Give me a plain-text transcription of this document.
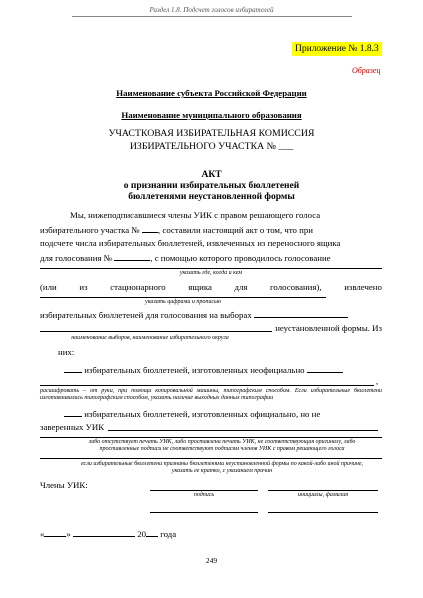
Раздел 1.8. Подсчет голосов избирателей
Приложение № 1.8.3
Образец
Наименование субъекта Российской Федерации
Наименование муниципального образования
УЧАСТКОВАЯ ИЗБИРАТЕЛЬНАЯ КОМИССИЯ
ИЗБИРАТЕЛЬНОГО УЧАСТКА № ___
АКТ
о признании избирательных бюллетеней
бюллетенями неустановленной формы
Мы, нижеподписавшиеся члены УИК с правом решающего голоса
избирательного участка № , составили настоящий акт о том, что при
подсчете числа избирательных бюллетеней, извлеченных из переносного ящика
для голосования №	, с помощью которого проводилось голосование
указать где, когда и кем
(или	из	стационарного	ящика	для	голосования),	извлечено
указать цифрами и прописью
избирательных бюллетеней для голосования на выборах
неустановленной формы. Из
наименование выборов, наименование избирательного округа
них:
избирательных бюллетеней, изготовленных неофициально
,
расшифровать – от руки, при помощи копировальной машины, типографским способом. Если избирательные бюллетени изготавливались типографским способом, указать наличие выходных данных типографии
избирательных бюллетеней, изготовленных официально, но не
заверенных УИК
либо отсутствует печать УИК, либо проставлена печать УИК, не соответствующая оригиналу, либо проставленные подписи не соответствуют подписям членов УИК с правом решающего голоса
если избирательные бюллетени признаны бюллетенями неустановленной формы по какой-либо иной причине, указать ее кратко, с указанием причин
Члены УИК:
подпись	инициалы, фамилия
«	»	20 года
249
